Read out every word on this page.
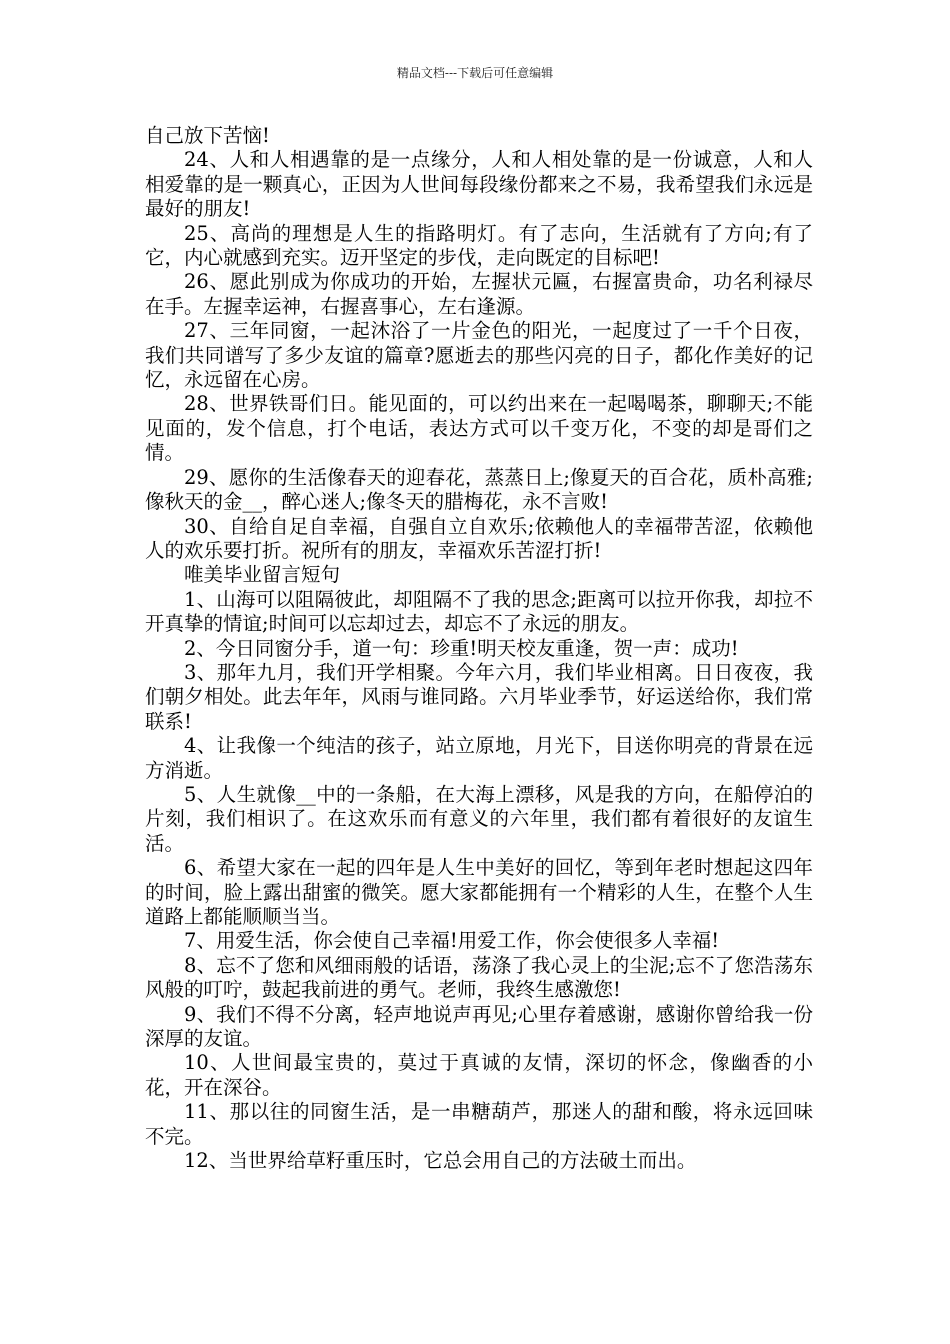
精品文档---下载后可任意编辑

自己放下苦恼!

24、人和人相遇靠的是一点缘分，人和人相处靠的是一份诚意，人和人相爱靠的是一颗真心，正因为人世间每段缘份都来之不易，我希望我们永远是最好的朋友!

25、高尚的理想是人生的指路明灯。有了志向，生活就有了方向;有了它，内心就感到充实。迈开坚定的步伐，走向既定的目标吧!

26、愿此别成为你成功的开始，左握状元匾，右握富贵命，功名利禄尽在手。左握幸运神，右握喜事心，左右逢源。

27、三年同窗，一起沐浴了一片金色的阳光，一起度过了一千个日夜，我们共同谱写了多少友谊的篇章?愿逝去的那些闪亮的日子，都化作美好的记忆，永远留在心房。

28、世界铁哥们日。能见面的，可以约出来在一起喝喝茶，聊聊天;不能见面的，发个信息，打个电话，表达方式可以千变万化，不变的却是哥们之情。

29、愿你的生活像春天的迎春花，蒸蒸日上;像夏天的百合花，质朴高雅;像秋天的金__，醉心迷人;像冬天的腊梅花，永不言败!

30、自给自足自幸福，自强自立自欢乐;依赖他人的幸福带苦涩，依赖他人的欢乐要打折。祝所有的朋友，幸福欢乐苦涩打折!

唯美毕业留言短句

1、山海可以阻隔彼此，却阻隔不了我的思念;距离可以拉开你我，却拉不开真挚的情谊;时间可以忘却过去，却忘不了永远的朋友。

2、今日同窗分手，道一句：珍重!明天校友重逢，贺一声：成功!

3、那年九月，我们开学相聚。今年六月，我们毕业相离。日日夜夜，我们朝夕相处。此去年年，风雨与谁同路。六月毕业季节，好运送给你，我们常联系!

4、让我像一个纯洁的孩子，站立原地，月光下，目送你明亮的背景在远方消逝。

5、人生就像__中的一条船，在大海上漂移，风是我的方向，在船停泊的片刻，我们相识了。在这欢乐而有意义的六年里，我们都有着很好的友谊生活。

6、希望大家在一起的四年是人生中美好的回忆，等到年老时想起这四年的时间，脸上露出甜蜜的微笑。愿大家都能拥有一个精彩的人生，在整个人生道路上都能顺顺当当。

7、用爱生活，你会使自己幸福!用爱工作，你会使很多人幸福!

8、忘不了您和风细雨般的话语，荡涤了我心灵上的尘泥;忘不了您浩荡东风般的叮咛，鼓起我前进的勇气。老师，我终生感激您!

9、我们不得不分离，轻声地说声再见;心里存着感谢，感谢你曾给我一份深厚的友谊。

10、人世间最宝贵的，莫过于真诚的友情，深切的怀念，像幽香的小花，开在深谷。

11、那以往的同窗生活，是一串糖葫芦，那迷人的甜和酸，将永远回味不完。

12、当世界给草籽重压时，它总会用自己的方法破土而出。
